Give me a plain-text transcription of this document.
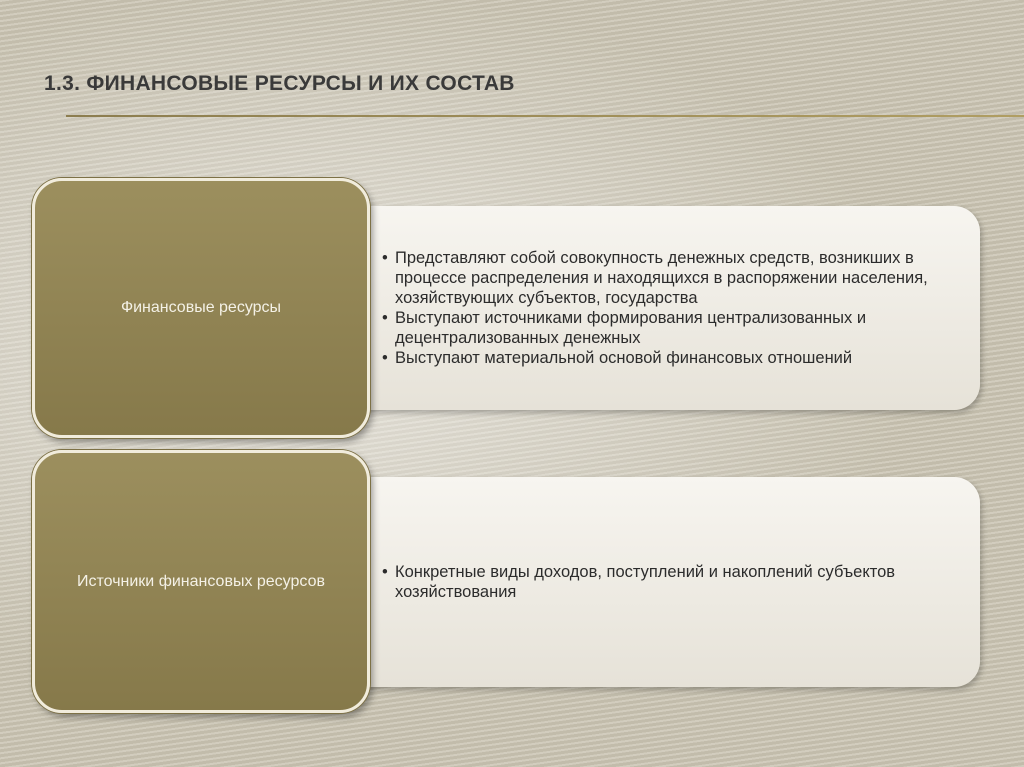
1.3. ФИНАНСОВЫЕ РЕСУРСЫ И ИХ СОСТАВ
• Представляют собой совокупность денежных средств, возникших в процессе распределения и находящихся в распоряжении населения, хозяйствующих субъектов, государства
• Выступают источниками формирования централизованных и децентрализованных денежных
• Выступают материальной основой финансовых отношений
Финансовые ресурсы
• Конкретные виды доходов, поступлений и накоплений субъектов хозяйствования
Источники финансовых ресурсов
